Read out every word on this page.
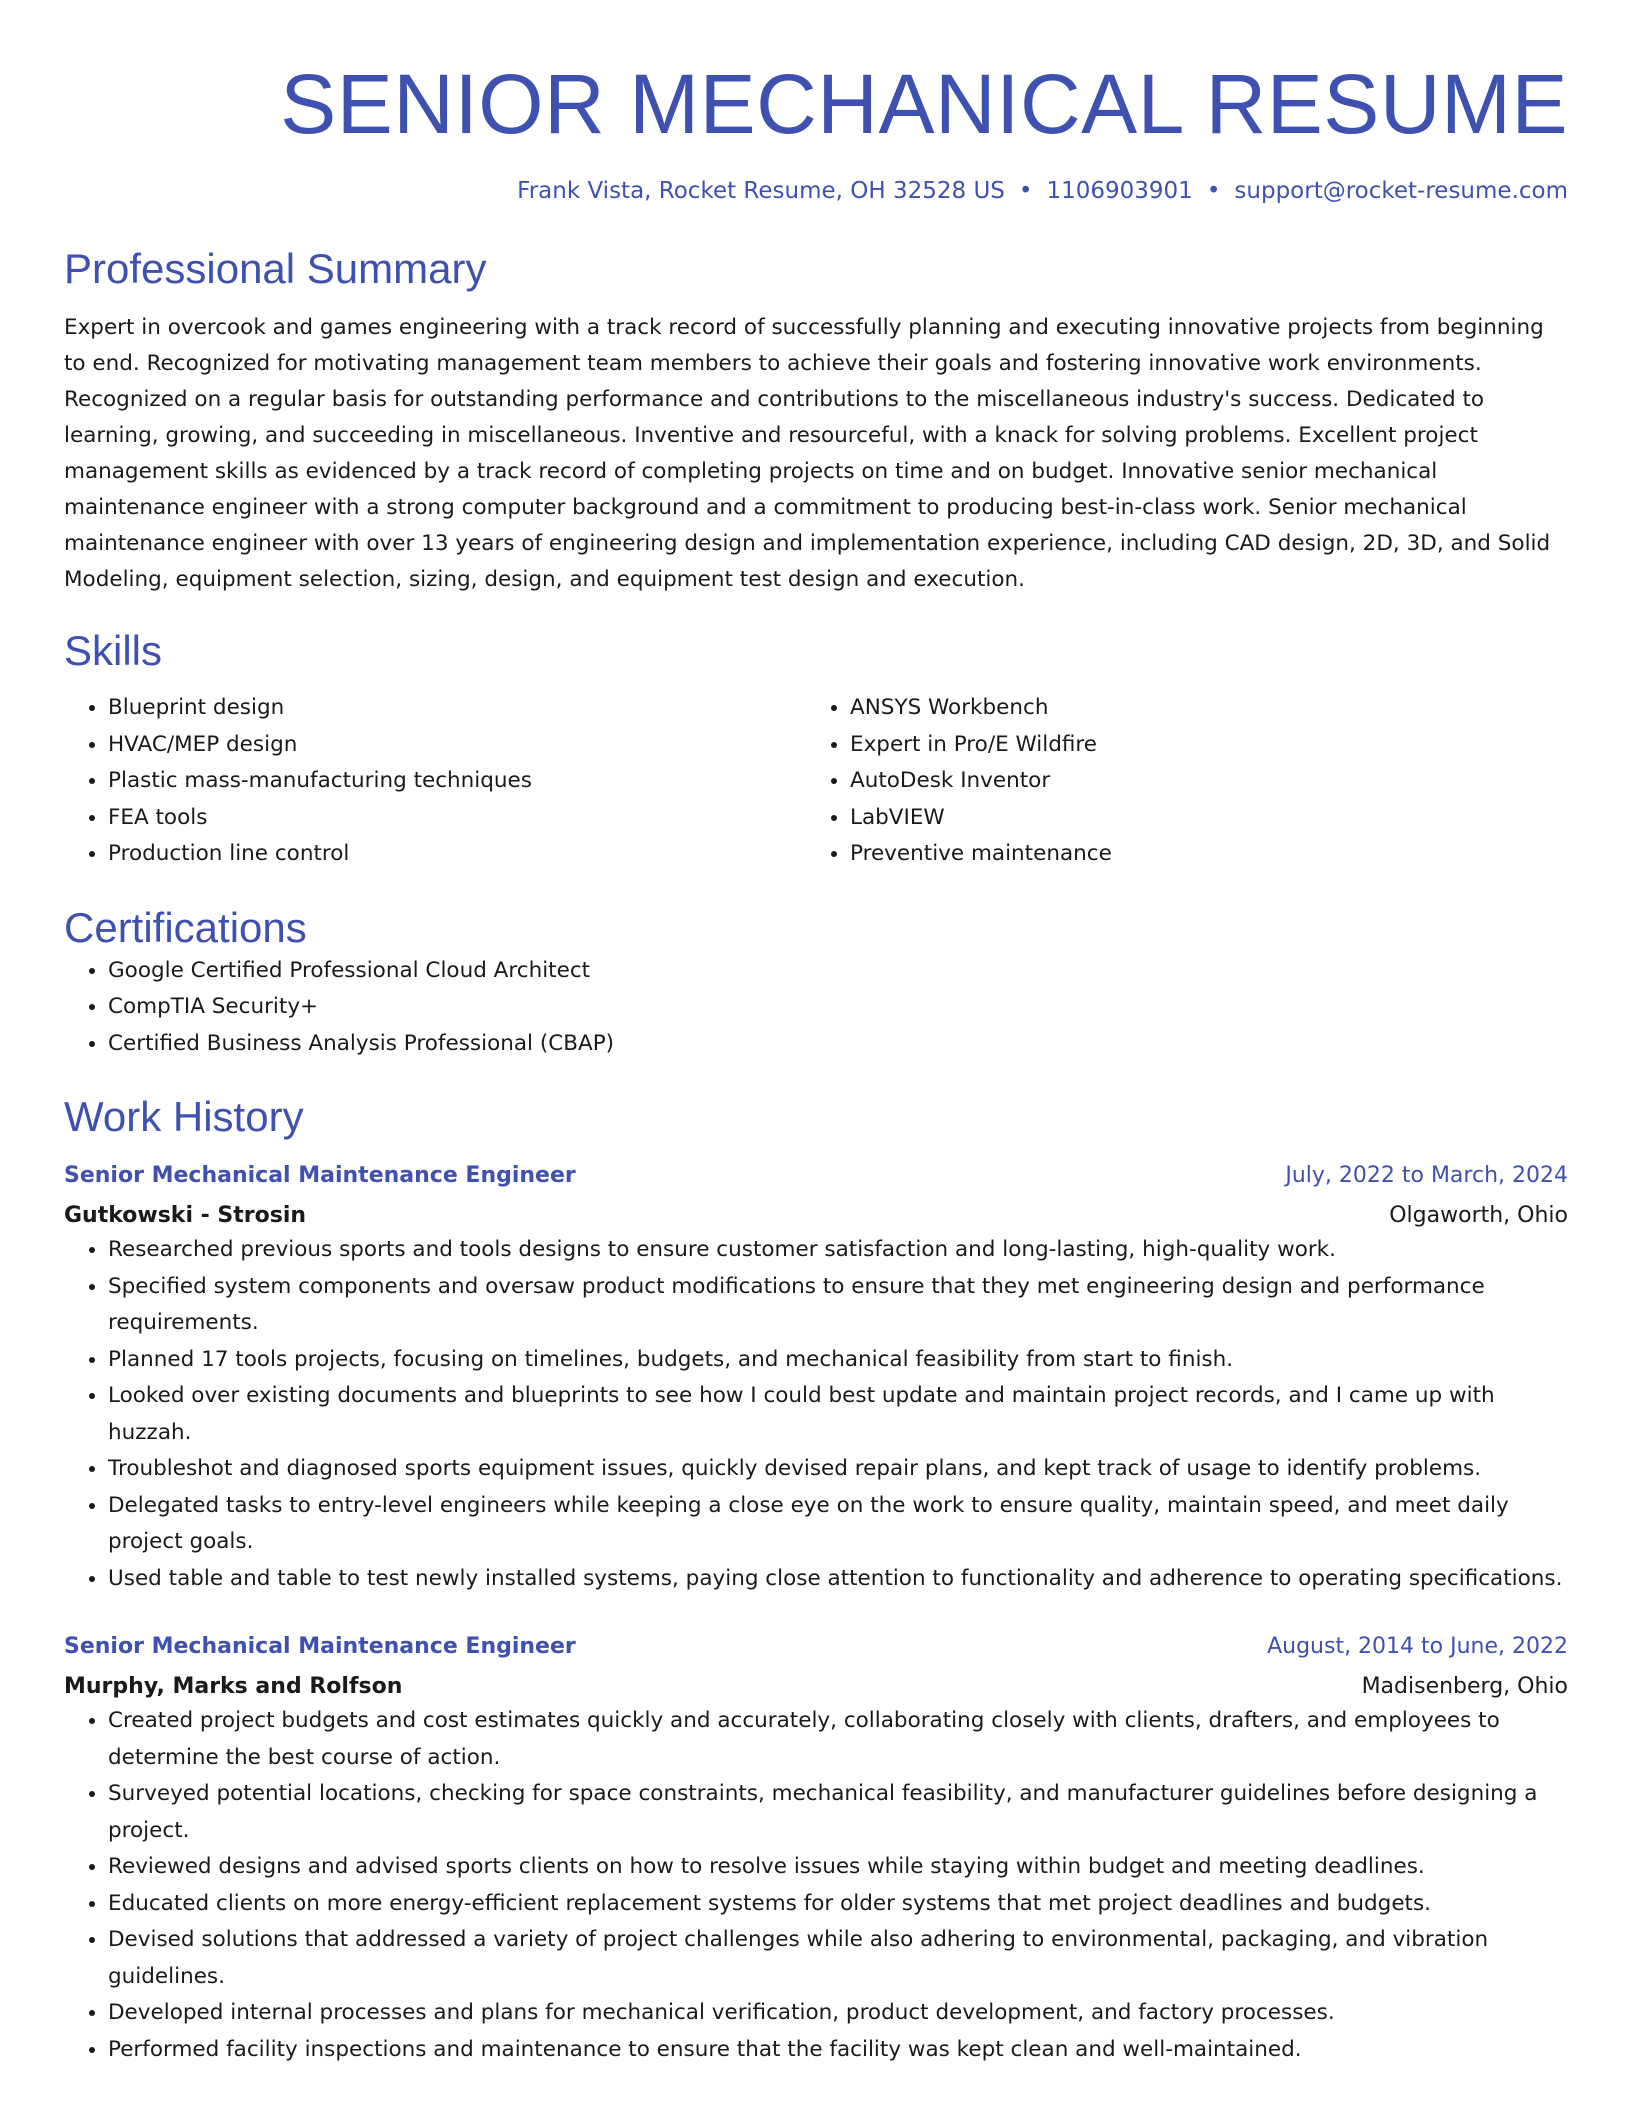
SENIOR MECHANICAL RESUME
Frank Vista, Rocket Resume, OH 32528 US • 1106903901 • support@rocket-resume.com
Professional Summary

Expert in overcook and games engineering with a track record of successfully planning and executing innovative projects from beginning to end. Recognized for motivating management team members to achieve their goals and fostering innovative work environments. Recognized on a regular basis for outstanding performance and contributions to the miscellaneous industry's success. Dedicated to learning, growing, and succeeding in miscellaneous. Inventive and resourceful, with a knack for solving problems. Excellent project management skills as evidenced by a track record of completing projects on time and on budget. Innovative senior mechanical maintenance engineer with a strong computer background and a commitment to producing best-in-class work. Senior mechanical maintenance engineer with over 13 years of engineering design and implementation experience, including CAD design, 2D, 3D, and Solid Modeling, equipment selection, sizing, design, and equipment test design and execution.

Skills
• Blueprint design
• HVAC/MEP design
• Plastic mass-manufacturing techniques
• FEA tools
• Production line control
• ANSYS Workbench
• Expert in Pro/E Wildfire
• AutoDesk Inventor
• LabVIEW
• Preventive maintenance
Certifications
• Google Certified Professional Cloud Architect
• CompTIA Security+
• Certified Business Analysis Professional (CBAP)
Work History
Senior Mechanical Maintenance Engineer	July, 2022 to March, 2024
Gutkowski - Strosin	Olgaworth, Ohio
• Researched previous sports and tools designs to ensure customer satisfaction and long-lasting, high-quality work.
• Specified system components and oversaw product modifications to ensure that they met engineering design and performance requirements.
• Planned 17 tools projects, focusing on timelines, budgets, and mechanical feasibility from start to finish.
• Looked over existing documents and blueprints to see how I could best update and maintain project records, and I came up with huzzah.
• Troubleshot and diagnosed sports equipment issues, quickly devised repair plans, and kept track of usage to identify problems.
• Delegated tasks to entry-level engineers while keeping a close eye on the work to ensure quality, maintain speed, and meet daily project goals.
• Used table and table to test newly installed systems, paying close attention to functionality and adherence to operating specifications.
Senior Mechanical Maintenance Engineer	August, 2014 to June, 2022
Murphy, Marks and Rolfson	Madisenberg, Ohio
• Created project budgets and cost estimates quickly and accurately, collaborating closely with clients, drafters, and employees to determine the best course of action.
• Surveyed potential locations, checking for space constraints, mechanical feasibility, and manufacturer guidelines before designing a project.
• Reviewed designs and advised sports clients on how to resolve issues while staying within budget and meeting deadlines.
• Educated clients on more energy-efficient replacement systems for older systems that met project deadlines and budgets.
• Devised solutions that addressed a variety of project challenges while also adhering to environmental, packaging, and vibration guidelines.
• Developed internal processes and plans for mechanical verification, product development, and factory processes.
• Performed facility inspections and maintenance to ensure that the facility was kept clean and well-maintained.
